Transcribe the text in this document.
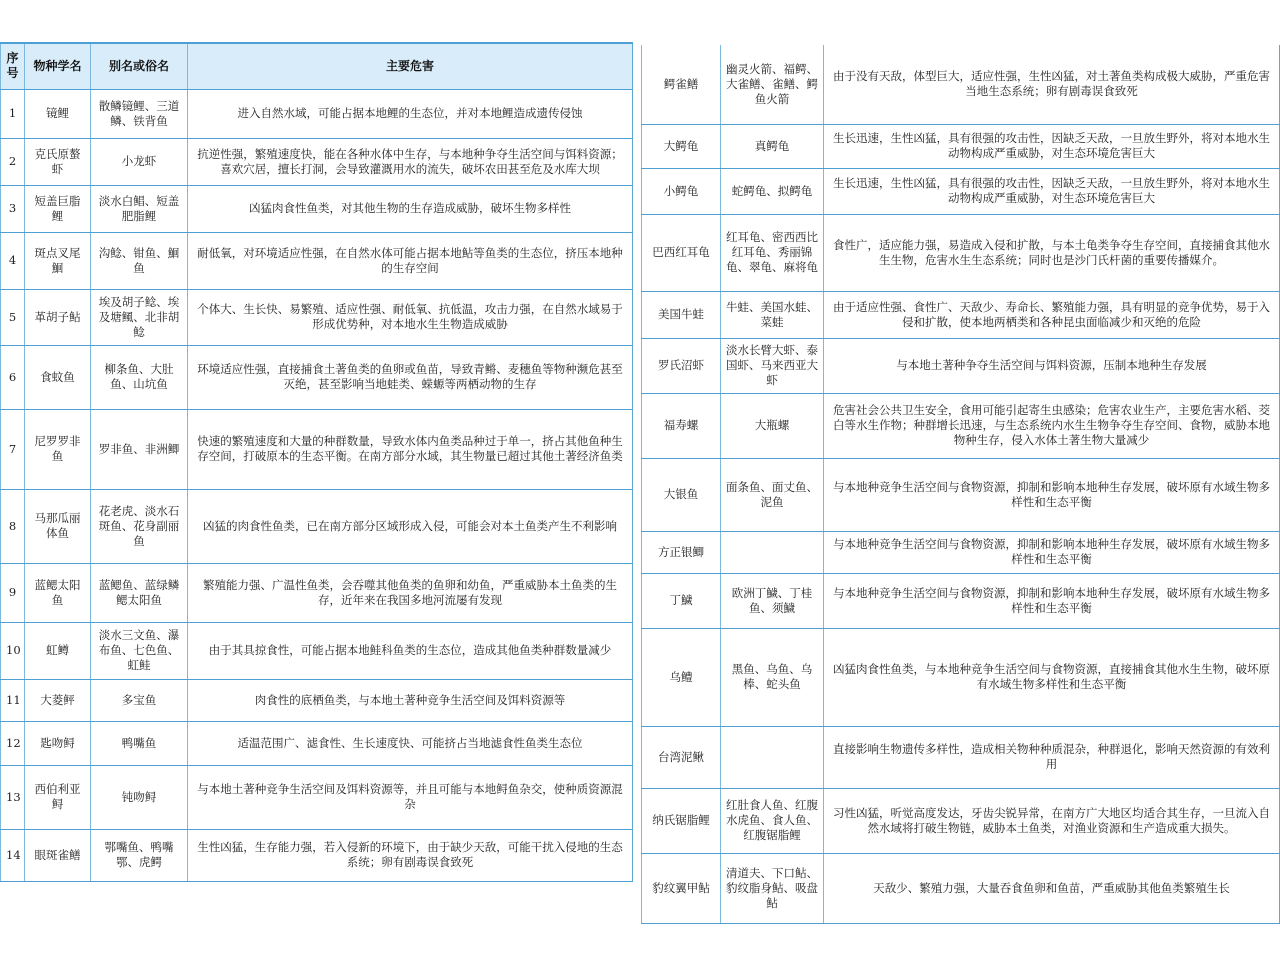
序号	物种学名	别名或俗名	主要危害
1	镜鲤	散鳞镜鲤、三道鳞、铁背鱼	进入自然水域，可能占据本地鲤的生态位，并对本地鲤造成遗传侵蚀
2	克氏原螯虾	小龙虾	抗逆性强，繁殖速度快，能在各种水体中生存，与本地种争夺生活空间与饵料资源；喜欢穴居，擅长打洞，会导致灌溉用水的流失，破坏农田甚至危及水库大坝
3	短盖巨脂鲤	淡水白鲳、短盖肥脂鲤	凶猛肉食性鱼类，对其他生物的生存造成威胁，破坏生物多样性
4	斑点叉尾鮰	沟鲶、钳鱼、鮰鱼	耐低氧，对环境适应性强，在自然水体可能占据本地鲇等鱼类的生态位，挤压本地种的生存空间
5	革胡子鲇	埃及胡子鲶、埃及塘鲺、北非胡鲶	个体大、生长快、易繁殖、适应性强、耐低氧、抗低温，攻击力强，在自然水域易于形成优势种，对本地水生生物造成威胁
6	食蚊鱼	柳条鱼、大肚鱼、山坑鱼	环境适应性强，直接捕食土著鱼类的鱼卵或鱼苗，导致青鳉、麦穗鱼等物种濒危甚至灭绝，甚至影响当地蛙类、蝾螈等两栖动物的生存
7	尼罗罗非鱼	罗非鱼、非洲鲫	快速的繁殖速度和大量的种群数量，导致水体内鱼类品种过于单一，挤占其他鱼种生存空间，打破原本的生态平衡。在南方部分水域，其生物量已超过其他土著经济鱼类
8	马那瓜丽体鱼	花老虎、淡水石斑鱼、花身副丽鱼	凶猛的肉食性鱼类，已在南方部分区域形成入侵，可能会对本土鱼类产生不利影响
9	蓝鳃太阳鱼	蓝鳃鱼、蓝绿鳞鳃太阳鱼	繁殖能力强、广温性鱼类，会吞噬其他鱼类的鱼卵和幼鱼，严重威胁本土鱼类的生存，近年来在我国多地河流屡有发现
10	虹鳟	淡水三文鱼、瀑布鱼、七色鱼、虹鲑	由于其具掠食性，可能占据本地鲑科鱼类的生态位，造成其他鱼类种群数量减少
11	大菱鲆	多宝鱼	肉食性的底栖鱼类，与本地土著种竞争生活空间及饵料资源等
12	匙吻鲟	鸭嘴鱼	适温范围广、滤食性、生长速度快、可能挤占当地滤食性鱼类生态位
13	西伯利亚鲟	钝吻鲟	与本地土著种竞争生活空间及饵料资源等，并且可能与本地鲟鱼杂交，使种质资源混杂
14	眼斑雀鳝	鄂嘴鱼、鸭嘴鄂、虎鳄	生性凶猛，生存能力强，若入侵新的环境下，由于缺少天敌，可能干扰入侵地的生态系统；卵有剧毒误食致死
鳄雀鳝	幽灵火箭、福鳄、大雀鳝、雀鳝、鳄鱼火箭	由于没有天敌，体型巨大，适应性强，生性凶猛，对土著鱼类构成极大威胁，严重危害当地生态系统；卵有剧毒误食致死
大鳄龟	真鳄龟	生长迅速，生性凶猛，具有很强的攻击性，因缺乏天敌，一旦放生野外，将对本地水生动物构成严重威胁，对生态环境危害巨大
小鳄龟	蛇鳄龟、拟鳄龟	生长迅速，生性凶猛，具有很强的攻击性，因缺乏天敌，一旦放生野外，将对本地水生动物构成严重威胁，对生态环境危害巨大
巴西红耳龟	红耳龟、密西西比红耳龟、秀丽锦龟、翠龟、麻将龟	食性广，适应能力强，易造成入侵和扩散，与本土龟类争夺生存空间，直接捕食其他水生生物，危害水生生态系统；同时也是沙门氏杆菌的重要传播媒介。
美国牛蛙	牛蛙、美国水蛙、菜蛙	由于适应性强、食性广、天敌少、寿命长、繁殖能力强，具有明显的竞争优势，易于入侵和扩散，使本地两栖类和各种昆虫面临减少和灭绝的危险
罗氏沼虾	淡水长臂大虾、泰国虾、马来西亚大虾	与本地土著种争夺生活空间与饵料资源，压制本地种生存发展
福寿螺	大瓶螺	危害社会公共卫生安全，食用可能引起寄生虫感染；危害农业生产，主要危害水稻、茭白等水生作物；种群增长迅速，与生态系统内水生生物争夺生存空间、食物，威胁本地物种生存，侵入水体土著生物大量减少
大银鱼	面条鱼、面丈鱼、泥鱼	与本地种竞争生活空间与食物资源，抑制和影响本地种生存发展，破坏原有水域生物多样性和生态平衡
方正银鲫		与本地种竞争生活空间与食物资源，抑制和影响本地种生存发展，破坏原有水域生物多样性和生态平衡
丁鱥	欧洲丁鱥、丁桂鱼、须鱥	与本地种竞争生活空间与食物资源，抑制和影响本地种生存发展，破坏原有水域生物多样性和生态平衡
乌鳢	黑鱼、乌鱼、乌棒、蛇头鱼	凶猛肉食性鱼类，与本地种竞争生活空间与食物资源，直接捕食其他水生生物，破坏原有水域生物多样性和生态平衡
台湾泥鳅		直接影响生物遗传多样性，造成相关物种种质混杂，种群退化，影响天然资源的有效利用
纳氏锯脂鲤	红肚食人鱼、红腹水虎鱼、食人鱼、红腹锯脂鲤	习性凶猛，听觉高度发达，牙齿尖锐异常，在南方广大地区均适合其生存，一旦流入自然水域将打破生物链，威胁本土鱼类，对渔业资源和生产造成重大损失。
豹纹翼甲鲇	清道夫、下口鲇、豹纹脂身鲇、吸盘鲇	天敌少、繁殖力强，大量吞食鱼卵和鱼苗，严重威胁其他鱼类繁殖生长
